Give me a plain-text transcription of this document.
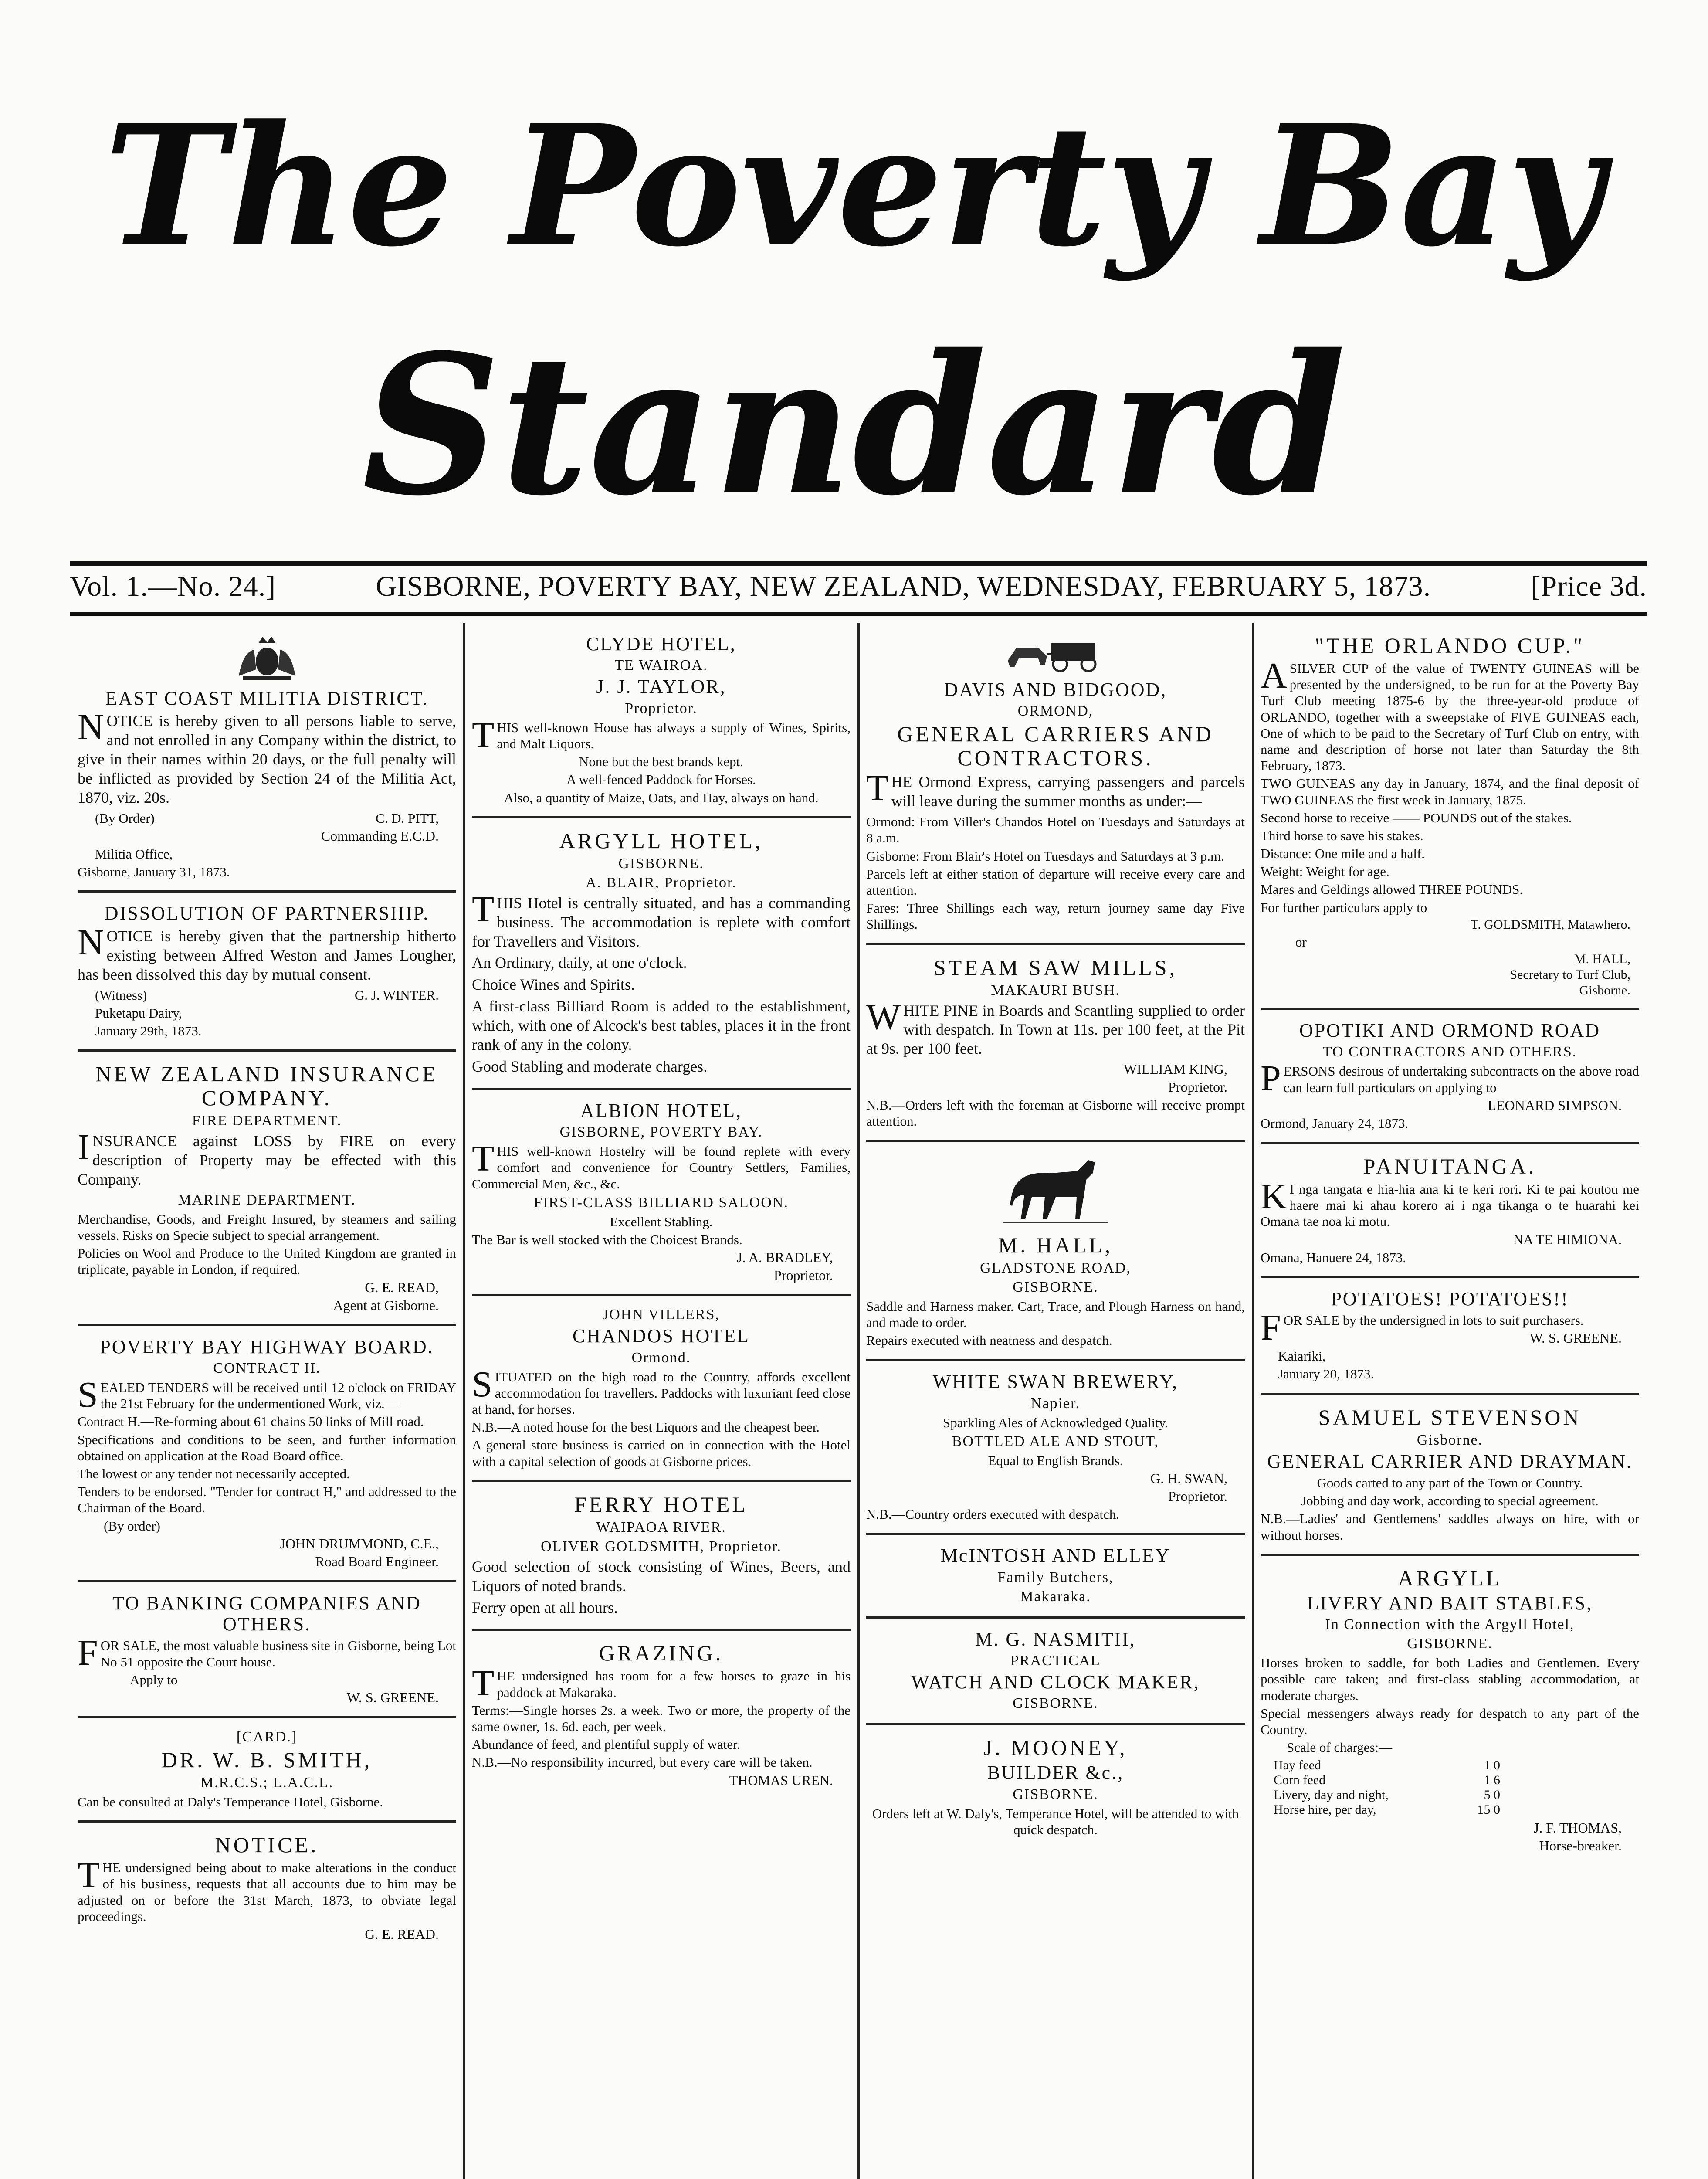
The Poverty Bay
Standard
Vol. 1.—No. 24.]	GISBORNE, POVERTY BAY, NEW ZEALAND, WEDNESDAY, FEBRUARY 5, 1873.	[Price 3d.
EAST COAST MILITIA DISTRICT.
NOTICE is hereby given to all persons liable to serve, and not enrolled in any Company within the district, to give in their names within 20 days, or the full penalty will be inflicted as provided by Section 24 of the Militia Act, 1870, viz. 20s.
(By Order)	C. D. PITT,
Commanding E.C.D.
Militia Office,
Gisborne, January 31, 1873.
DISSOLUTION OF PARTNERSHIP.
NOTICE is hereby given that the partnership hitherto existing between Alfred Weston and James Lougher, has been dissolved this day by mutual consent.
(Witness)	G. J. WINTER.
Puketapu Dairy,
January 29th, 1873.
NEW ZEALAND INSURANCE COMPANY.
FIRE DEPARTMENT.
INSURANCE against LOSS by FIRE on every description of Property may be effected with this Company.
MARINE DEPARTMENT.
Merchandise, Goods, and Freight Insured, by steamers and sailing vessels. Risks on Specie subject to special arrangement.
Policies on Wool and Produce to the United Kingdom are granted in triplicate, payable in London, if required.
G. E. READ,
Agent at Gisborne.
POVERTY BAY HIGHWAY BOARD.
CONTRACT H.
SEALED TENDERS will be received until 12 o'clock on FRIDAY the 21st February for the undermentioned Work, viz.—
Contract H.—Re-forming about 61 chains 50 links of Mill road.
Specifications and conditions to be seen, and further information obtained on application at the Road Board office.
The lowest or any tender not necessarily accepted.
Tenders to be endorsed. "Tender for contract H," and addressed to the Chairman of the Board.
(By order)
JOHN DRUMMOND, C.E.,
Road Board Engineer.
TO BANKING COMPANIES AND OTHERS.
FOR SALE, the most valuable business site in Gisborne, being Lot No 51 opposite the Court house.
Apply to
W. S. GREENE.
[CARD.]
DR. W. B. SMITH,
M.R.C.S.; L.A.C.L.
Can be consulted at Daly's Temperance Hotel, Gisborne.
NOTICE.
THE undersigned being about to make alterations in the conduct of his business, requests that all accounts due to him may be adjusted on or before the 31st March, 1873, to obviate legal proceedings.
G. E. READ.
CLYDE HOTEL,
TE WAIROA.
J. J. TAYLOR,
Proprietor.
THIS well-known House has always a supply of Wines, Spirits, and Malt Liquors.
None but the best brands kept.
A well-fenced Paddock for Horses.
Also, a quantity of Maize, Oats, and Hay, always on hand.
ARGYLL HOTEL,
GISBORNE.
A. BLAIR, Proprietor.
THIS Hotel is centrally situated, and has a commanding business. The accommodation is replete with comfort for Travellers and Visitors.
An Ordinary, daily, at one o'clock.
Choice Wines and Spirits.
A first-class Billiard Room is added to the establishment, which, with one of Alcock's best tables, places it in the front rank of any in the colony.
Good Stabling and moderate charges.
ALBION HOTEL,
GISBORNE, POVERTY BAY.
THIS well-known Hostelry will be found replete with every comfort and convenience for Country Settlers, Families, Commercial Men, &c., &c.
FIRST-CLASS BILLIARD SALOON.
Excellent Stabling.
The Bar is well stocked with the Choicest Brands.
J. A. BRADLEY,
Proprietor.
JOHN VILLERS,
CHANDOS HOTEL
Ormond.
SITUATED on the high road to the Country, affords excellent accommodation for travellers. Paddocks with luxuriant feed close at hand, for horses.
N.B.—A noted house for the best Liquors and the cheapest beer.
A general store business is carried on in connection with the Hotel with a capital selection of goods at Gisborne prices.
FERRY HOTEL
WAIPAOA RIVER.
OLIVER GOLDSMITH, Proprietor.
Good selection of stock consisting of Wines, Beers, and Liquors of noted brands.
Ferry open at all hours.
GRAZING.
THE undersigned has room for a few horses to graze in his paddock at Makaraka.
Terms:—Single horses 2s. a week. Two or more, the property of the same owner, 1s. 6d. each, per week.
Abundance of feed, and plentiful supply of water.
N.B.—No responsibility incurred, but every care will be taken.
THOMAS UREN.
DAVIS AND BIDGOOD,
ORMOND,
GENERAL CARRIERS AND CONTRACTORS.
THE Ormond Express, carrying passengers and parcels will leave during the summer months as under:—
Ormond: From Viller's Chandos Hotel on Tuesdays and Saturdays at 8 a.m.
Gisborne: From Blair's Hotel on Tuesdays and Saturdays at 3 p.m.
Parcels left at either station of departure will receive every care and attention.
Fares: Three Shillings each way, return journey same day Five Shillings.
STEAM SAW MILLS,
MAKAURI BUSH.
WHITE PINE in Boards and Scantling supplied to order with despatch. In Town at 11s. per 100 feet, at the Pit at 9s. per 100 feet.
WILLIAM KING,
Proprietor.
N.B.—Orders left with the foreman at Gisborne will receive prompt attention.
M. HALL,
GLADSTONE ROAD,
GISBORNE.
Saddle and Harness maker. Cart, Trace, and Plough Harness on hand, and made to order.
Repairs executed with neatness and despatch.
WHITE SWAN BREWERY,
Napier.
Sparkling Ales of Acknowledged Quality.
BOTTLED ALE AND STOUT,
Equal to English Brands.
G. H. SWAN,
Proprietor.
N.B.—Country orders executed with despatch.
McINTOSH AND ELLEY
Family Butchers,
Makaraka.
M. G. NASMITH,
PRACTICAL
WATCH AND CLOCK MAKER,
GISBORNE.
J. MOONEY,
BUILDER &c.,
GISBORNE.
Orders left at W. Daly's, Temperance Hotel, will be attended to with quick despatch.
"THE ORLANDO CUP."
ASILVER CUP of the value of TWENTY GUINEAS will be presented by the undersigned, to be run for at the Poverty Bay Turf Club meeting 1875-6 by the three-year-old produce of ORLANDO, together with a sweepstake of FIVE GUINEAS each, One of which to be paid to the Secretary of Turf Club on entry, with name and description of horse not later than Saturday the 8th February, 1873.
TWO GUINEAS any day in January, 1874, and the final deposit of TWO GUINEAS the first week in January, 1875.
Second horse to receive —— POUNDS out of the stakes.
Third horse to save his stakes.
Distance: One mile and a half.
Weight: Weight for age.
Mares and Geldings allowed THREE POUNDS.
For further particulars apply to
T. GOLDSMITH, Matawhero.
or
M. HALL,
Secretary to Turf Club,
Gisborne.
OPOTIKI AND ORMOND ROAD
TO CONTRACTORS AND OTHERS.
PERSONS desirous of undertaking subcontracts on the above road can learn full particulars on applying to
LEONARD SIMPSON.
Ormond, January 24, 1873.
PANUITANGA.
KI nga tangata e hia-hia ana ki te keri rori. Ki te pai koutou me haere mai ki ahau korero ai i nga tikanga o te huarahi kei Omana tae noa ki motu.
NA TE HIMIONA.
Omana, Hanuere 24, 1873.
POTATOES! POTATOES!!
FOR SALE by the undersigned in lots to suit purchasers.
W. S. GREENE.
Kaiariki,
January 20, 1873.
SAMUEL STEVENSON
Gisborne.
GENERAL CARRIER AND DRAYMAN.
Goods carted to any part of the Town or Country.
Jobbing and day work, according to special agreement.
N.B.—Ladies' and Gentlemens' saddles always on hire, with or without horses.
ARGYLL
LIVERY AND BAIT STABLES,
In Connection with the Argyll Hotel,
GISBORNE.
Horses broken to saddle, for both Ladies and Gentlemen. Every possible care taken; and first-class stabling accommodation, at moderate charges.
Special messengers always ready for despatch to any part of the Country.
Scale of charges:—
Hay feed	1 0
Corn feed	1 6
Livery, day and night,	5 0
Horse hire, per day,	15 0
J. F. THOMAS,
Horse-breaker.
